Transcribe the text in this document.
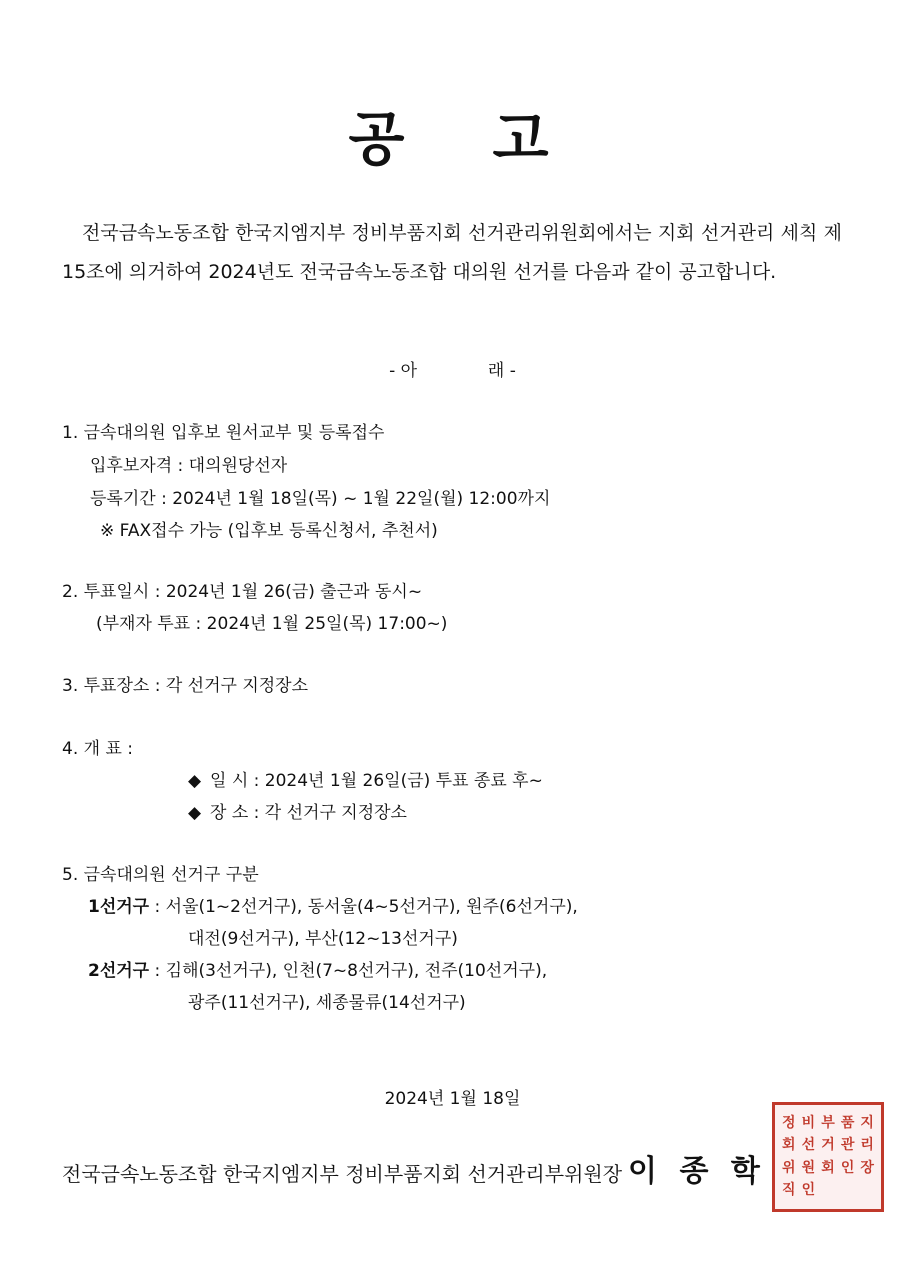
공 고
전국금속노동조합 한국지엠지부 정비부품지회 선거관리위원회에서는 지회 선거관리 세칙 제15조에 의거하여 2024년도 전국금속노동조합 대의원 선거를 다음과 같이 공고합니다.
- 아	래 -
1. 금속대의원 입후보 원서교부 및 등록접수
입후보자격 : 대의원당선자
등록기간 : 2024년 1월 18일(목) ~ 1월 22일(월) 12:00까지
※ FAX접수 가능 (입후보 등록신청서, 추천서)
2. 투표일시 : 2024년 1월 26(금) 출근과 동시~
(부재자 투표 : 2024년 1월 25일(목) 17:00~)
3. 투표장소 : 각 선거구 지정장소
4. 개 표 :
◆ 일 시 : 2024년 1월 26일(금) 투표 종료 후~
◆ 장 소 : 각 선거구 지정장소
5. 금속대의원 선거구 구분
1선거구 : 서울(1~2선거구), 동서울(4~5선거구), 원주(6선거구),
대전(9선거구), 부산(12~13선거구)
2선거구 : 김해(3선거구), 인천(7~8선거구), 전주(10선거구),
광주(11선거구), 세종물류(14선거구)
2024년 1월 18일
전국금속노동조합 한국지엠지부 정비부품지회 선거관리부위원장 이 종 학
정 비 부 품 지
회 선 거 관 리
위 원 회 인 장
직 인
